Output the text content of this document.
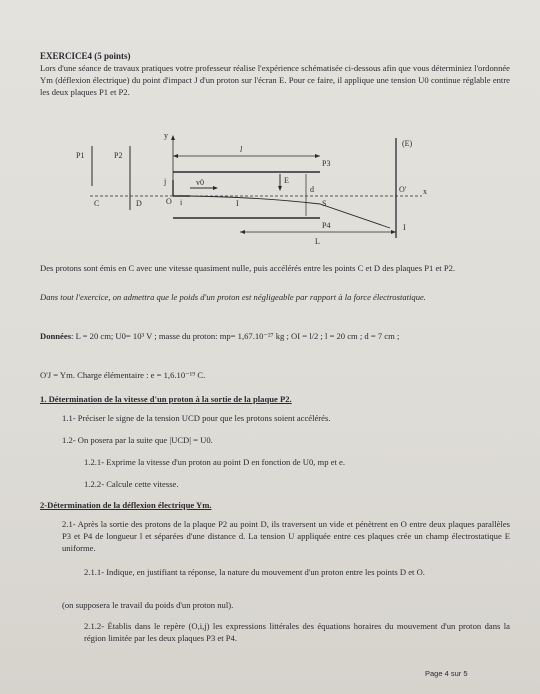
EXERCICE4 (5 points)
Lors d'une séance de travaux pratiques votre professeur réalise l'expérience schématisée ci-dessous afin que vous déterminiez l'ordonnée Ym (déflexion électrique) du point d'impact J d'un proton sur l'écran E. Pour ce faire, il applique une tension U0 continue réglable entre les deux plaques P1 et P2.

P1	P2
C	D
x
y
O
j
i
v0
P3
P4
E
d
l
I	S
(E)
O'
I
L

Des protons sont émis en C avec une vitesse quasiment nulle, puis accélérés entre les points C et D des plaques P1 et P2.

Dans tout l'exercice, on admettra que le poids d'un proton est négligeable par rapport à la force électrostatique.

Données: L = 20 cm; U0= 10³ V ; masse du proton: mp= 1,67.10⁻²⁷ kg ; OI = l/2 ; l = 20 cm ; d = 7 cm ;

O'J = Ym. Charge élémentaire : e = 1,6.10⁻¹⁹ C.

1. Détermination de la vitesse d'un proton à la sortie de la plaque P2.

1.1- Préciser le signe de la tension UCD pour que les protons soient accélérés.

1.2- On posera par la suite que |UCD| = U0.

1.2.1- Exprime la vitesse d'un proton au point D en fonction de U0, mp et e.

1.2.2- Calcule cette vitesse.

2-Détermination de la déflexion électrique Ym.

2.1- Après la sortie des protons de la plaque P2 au point D, ils traversent un vide et pénètrent en O entre deux plaques parallèles P3 et P4 de longueur l et séparées d'une distance d. La tension U appliquée entre ces plaques crée un champ électrostatique E uniforme.

2.1.1- Indique, en justifiant ta réponse, la nature du mouvement d'un proton entre les points D et O.

(on supposera le travail du poids d'un proton nul).

2.1.2- Établis dans le repère (O,i,j) les expressions littérales des équations horaires du mouvement d'un proton dans la région limitée par les deux plaques P3 et P4.

Page 4 sur 5
